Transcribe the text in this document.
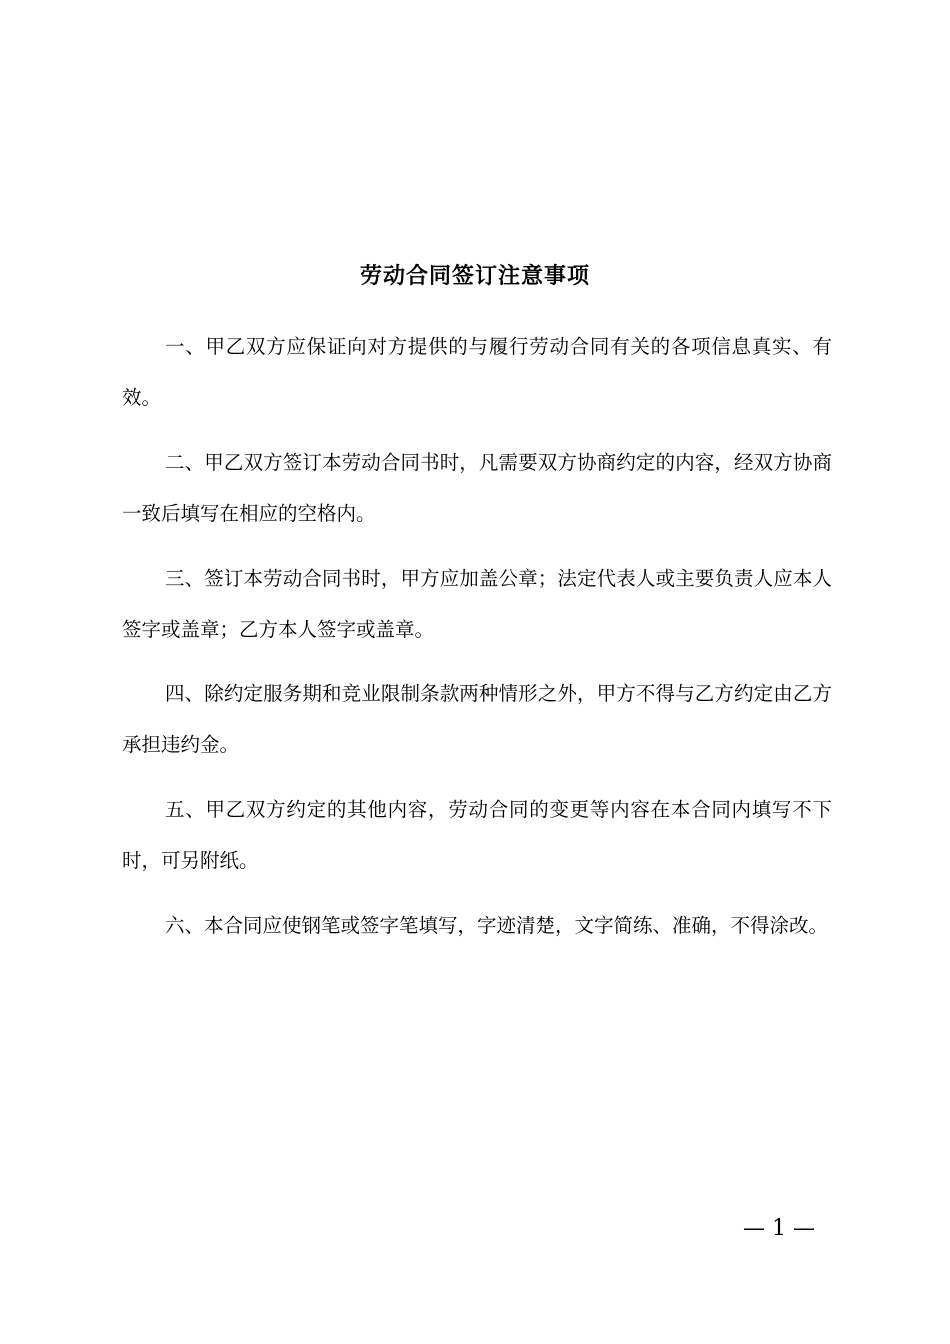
劳动合同签订注意事项

一、甲乙双方应保证向对方提供的与履行劳动合同有关的各项信息真实、有效。

二、甲乙双方签订本劳动合同书时，凡需要双方协商约定的内容，经双方协商一致后填写在相应的空格内。

三、签订本劳动合同书时，甲方应加盖公章；法定代表人或主要负责人应本人签字或盖章；乙方本人签字或盖章。

四、除约定服务期和竞业限制条款两种情形之外，甲方不得与乙方约定由乙方承担违约金。

五、甲乙双方约定的其他内容，劳动合同的变更等内容在本合同内填写不下时，可另附纸。

六、本合同应使钢笔或签字笔填写，字迹清楚，文字简练、准确，不得涂改。

— 1 —
